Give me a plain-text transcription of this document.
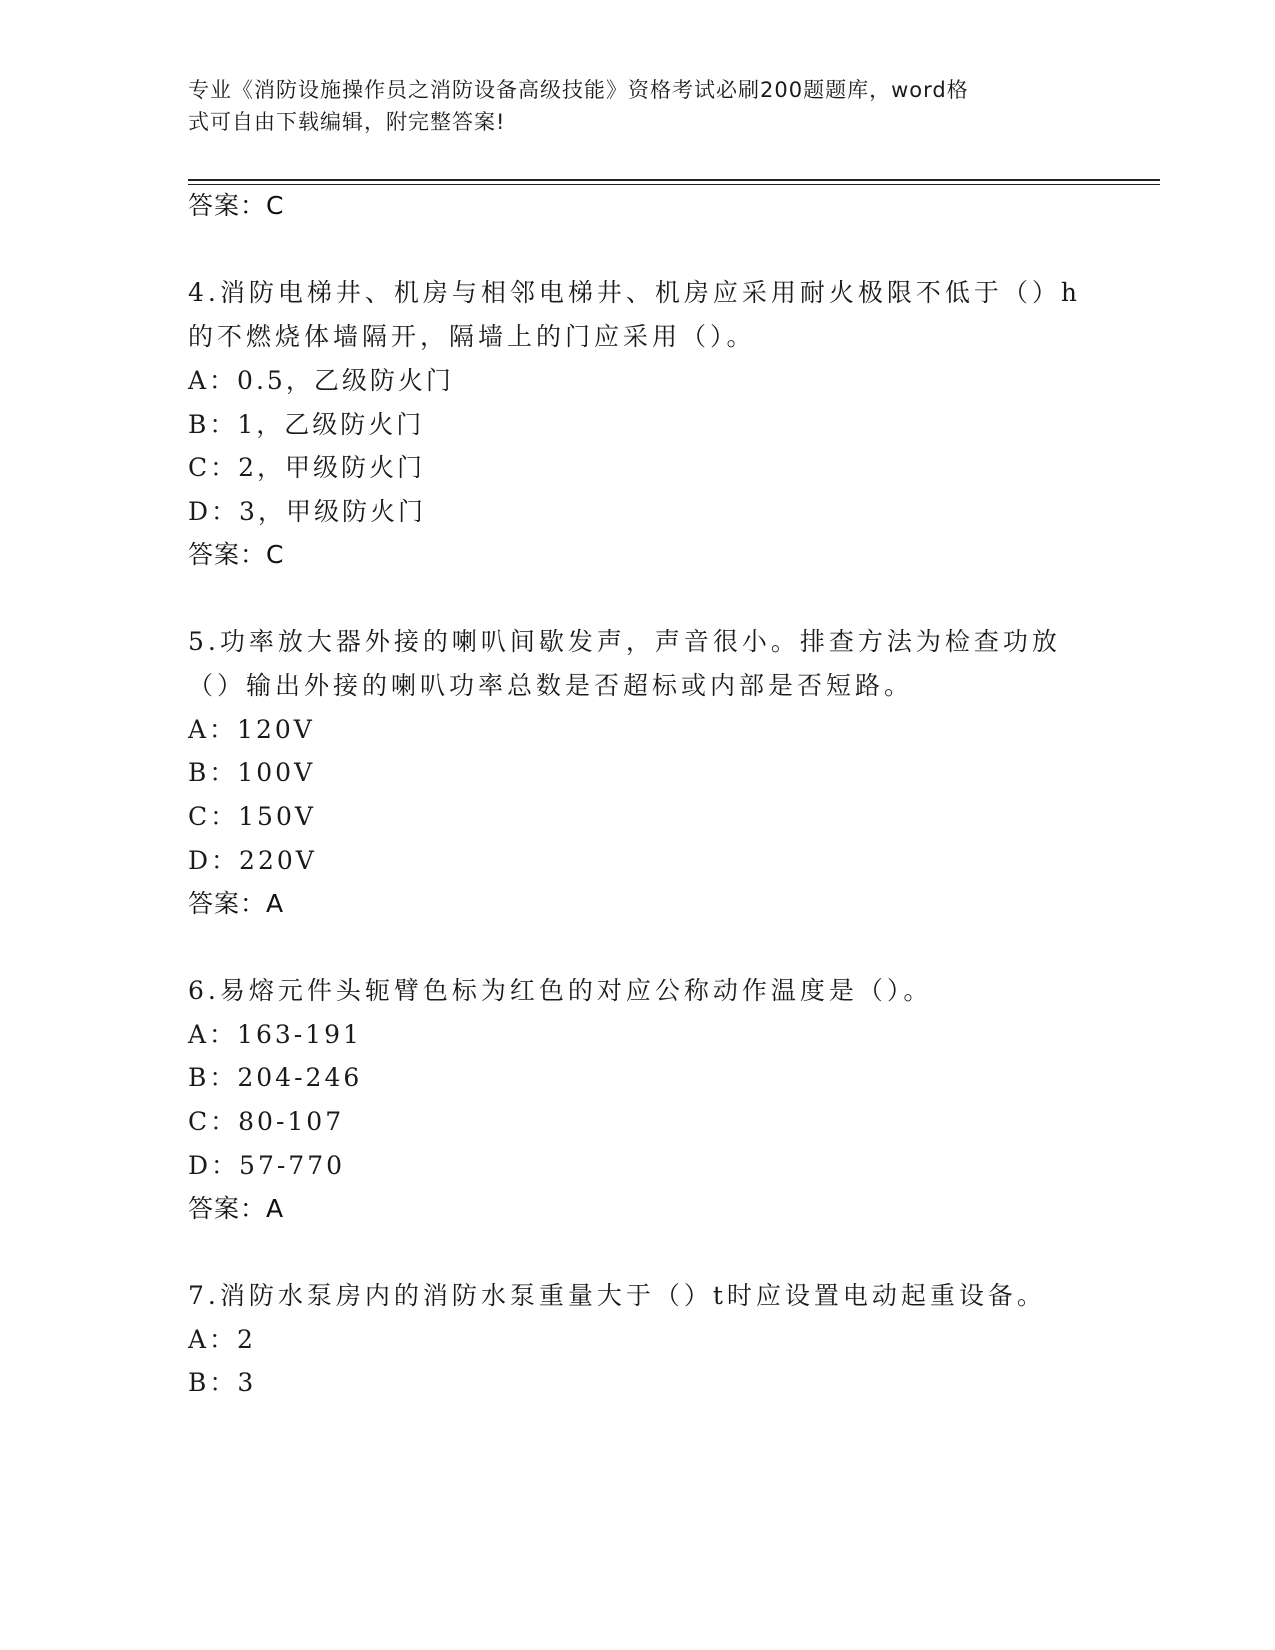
专业《消防设施操作员之消防设备高级技能》资格考试必刷200题题库，word格
式可自由下载编辑，附完整答案!
答案：C
4.消防电梯井、机房与相邻电梯井、机房应采用耐火极限不低于（）h
的不燃烧体墙隔开，隔墙上的门应采用（）。
A：0.5，乙级防火门
B：1，乙级防火门
C：2，甲级防火门
D：3，甲级防火门
答案：C
5.功率放大器外接的喇叭间歇发声，声音很小。排查方法为检查功放
（）输出外接的喇叭功率总数是否超标或内部是否短路。
A：120V
B：100V
C：150V
D：220V
答案：A
6.易熔元件头轭臂色标为红色的对应公称动作温度是（）。
A：163-191
B：204-246
C：80-107
D：57-770
答案：A
7.消防水泵房内的消防水泵重量大于（）t时应设置电动起重设备。
A：2
B：3
